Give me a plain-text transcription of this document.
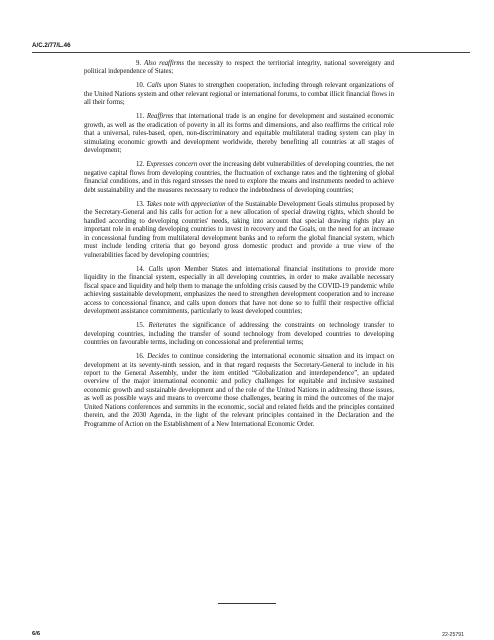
A/C.2/77/L.46

9. Also reaffirms the necessity to respect the territorial integrity, national sovereignty and political independence of States;

10. Calls upon States to strengthen cooperation, including through relevant organizations of the United Nations system and other relevant regional or international forums, to combat illicit financial flows in all their forms;

11. Reaffirms that international trade is an engine for development and sustained economic growth, as well as the eradication of poverty in all its forms and dimensions, and also reaffirms the critical role that a universal, rules-based, open, non-discriminatory and equitable multilateral trading system can play in stimulating economic growth and development worldwide, thereby benefiting all countries at all stages of development;

12. Expresses concern over the increasing debt vulnerabilities of developing countries, the net negative capital flows from developing countries, the fluctuation of exchange rates and the tightening of global financial conditions, and in this regard stresses the need to explore the means and instruments needed to achieve debt sustainability and the measures necessary to reduce the indebtedness of developing countries;

13. Takes note with appreciation of the Sustainable Development Goals stimulus proposed by the Secretary-General and his calls for action for a new allocation of special drawing rights, which should be handled according to developing countries' needs, taking into account that special drawing rights play an important role in enabling developing countries to invest in recovery and the Goals, on the need for an increase in concessional funding from multilateral development banks and to reform the global financial system, which must include lending criteria that go beyond gross domestic product and provide a true view of the vulnerabilities faced by developing countries;

14. Calls upon Member States and international financial institutions to provide more liquidity in the financial system, especially in all developing countries, in order to make available necessary fiscal space and liquidity and help them to manage the unfolding crisis caused by the COVID-19 pandemic while achieving sustainable development, emphasizes the need to strengthen development cooperation and to increase access to concessional finance, and calls upon donors that have not done so to fulfil their respective official development assistance commitments, particularly to least developed countries;

15. Reiterates the significance of addressing the constraints on technology transfer to developing countries, including the transfer of sound technology from developed countries to developing countries on favourable terms, including on concessional and preferential terms;

16. Decides to continue considering the international economic situation and its impact on development at its seventy-ninth session, and in that regard requests the Secretary-General to include in his report to the General Assembly, under the item entitled “Globalization and interdependence”, an updated overview of the major international economic and policy challenges for equitable and inclusive sustained economic growth and sustainable development and of the role of the United Nations in addressing those issues, as well as possible ways and means to overcome those challenges, bearing in mind the outcomes of the major United Nations conferences and summits in the economic, social and related fields and the principles contained therein, and the 2030 Agenda, in the light of the relevant principles contained in the Declaration and the Programme of Action on the Establishment of a New International Economic Order.

6/6	22-25791
